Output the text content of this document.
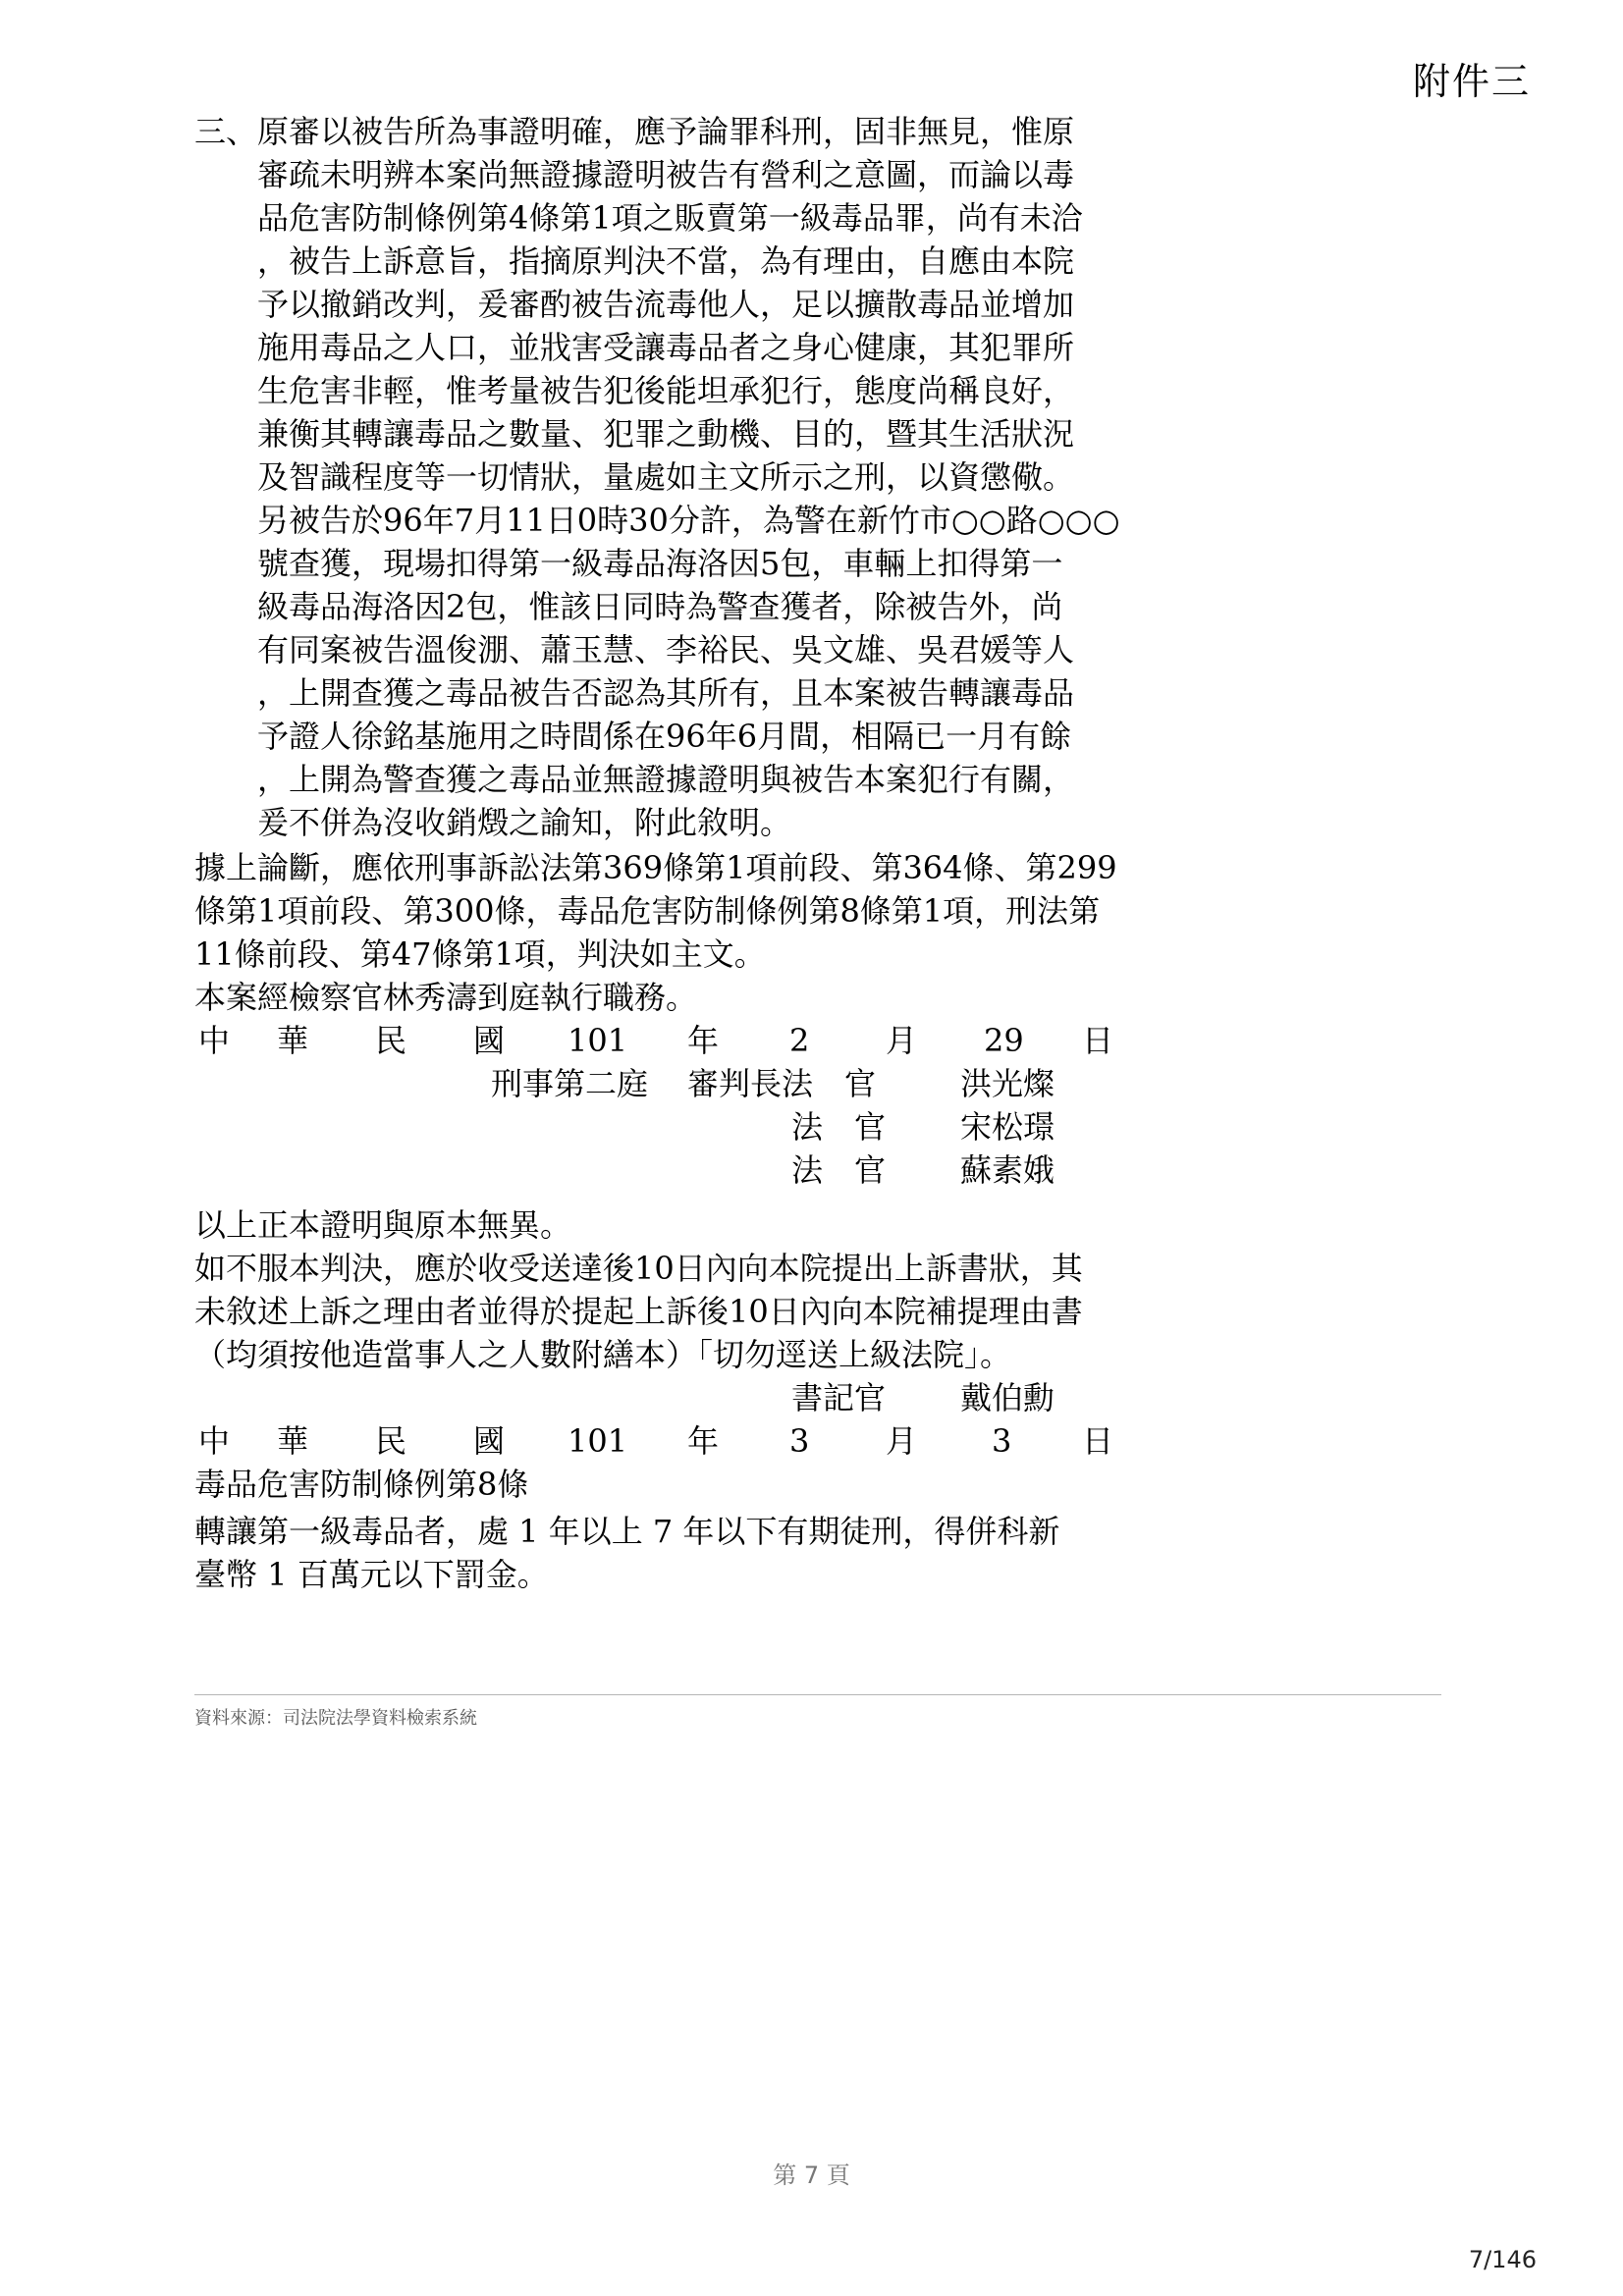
附件三
三、原審以被告所為事證明確，應予論罪科刑，固非無見，惟原
審疏未明辨本案尚無證據證明被告有營利之意圖，而論以毒
品危害防制條例第4條第1項之販賣第一級毒品罪，尚有未洽
，被告上訴意旨，指摘原判決不當，為有理由，自應由本院
予以撤銷改判，爰審酌被告流毒他人，足以擴散毒品並增加
施用毒品之人口，並戕害受讓毒品者之身心健康，其犯罪所
生危害非輕，惟考量被告犯後能坦承犯行，態度尚稱良好，
兼衡其轉讓毒品之數量、犯罪之動機、目的，暨其生活狀況
及智識程度等一切情狀，量處如主文所示之刑，以資懲儆。
另被告於96年7月11日0時30分許，為警在新竹市○○路○○○
號查獲，現場扣得第一級毒品海洛因5包，車輛上扣得第一
級毒品海洛因2包，惟該日同時為警查獲者，除被告外，尚
有同案被告溫俊淜、蕭玉慧、李裕民、吳文雄、吳君媛等人
，上開查獲之毒品被告否認為其所有，且本案被告轉讓毒品
予證人徐銘基施用之時間係在96年6月間，相隔已一月有餘
，上開為警查獲之毒品並無證據證明與被告本案犯行有關，
爰不併為沒收銷燬之諭知，附此敘明。
據上論斷，應依刑事訴訟法第369條第1項前段、第364條、第299
條第1項前段、第300條，毒品危害防制條例第8條第1項，刑法第
11條前段、第47條第1項，判決如主文。
本案經檢察官林秀濤到庭執行職務。
中 華 民 國 101 年 2 月 29 日
刑事第二庭 審判長法　官	洪光燦
法　官 宋松璟
法　官 蘇素娥
以上正本證明與原本無異。
如不服本判決，應於收受送達後10日內向本院提出上訴書狀，其
未敘述上訴之理由者並得於提起上訴後10日內向本院補提理由書
（均須按他造當事人之人數附繕本）「切勿逕送上級法院」。
書記官 戴伯勳
中 華 民 國 101 年 3 月 3 日
毒品危害防制條例第8條
轉讓第一級毒品者，處 1 年以上 7 年以下有期徒刑，得併科新
臺幣 1 百萬元以下罰金。
資料來源：司法院法學資料檢索系統
第 7 頁
7/146
